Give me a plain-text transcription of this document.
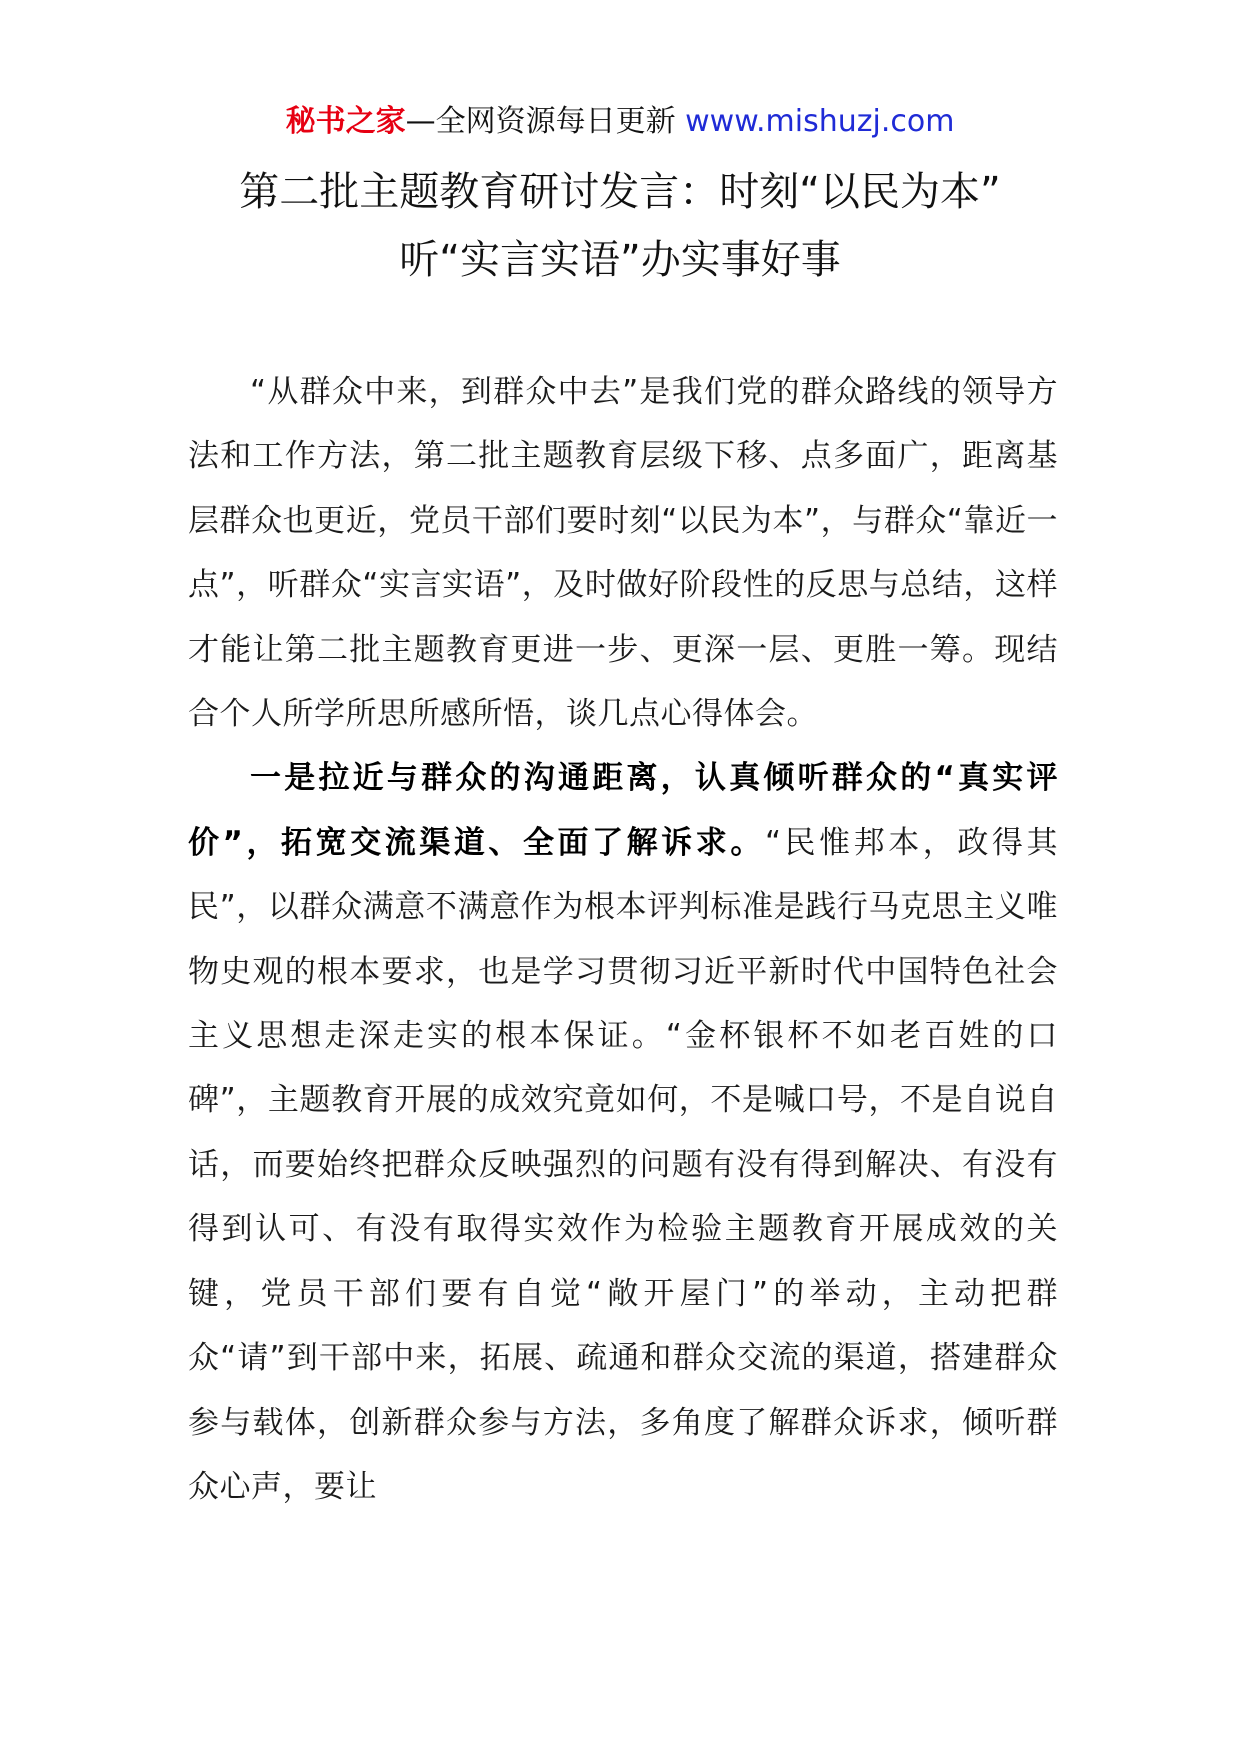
秘书之家—全网资源每日更新 www.mishuzj.com
第二批主题教育研讨发言：时刻“以民为本”
听“实言实语”办实事好事

“从群众中来，到群众中去”是我们党的群众路线的领导方法和工作方法，第二批主题教育层级下移、点多面广，距离基层群众也更近，党员干部们要时刻“以民为本”，与群众“靠近一点”，听群众“实言实语”，及时做好阶段性的反思与总结，这样才能让第二批主题教育更进一步、更深一层、更胜一筹。现结合个人所学所思所感所悟，谈几点心得体会。

一是拉近与群众的沟通距离，认真倾听群众的“真实评价”，拓宽交流渠道、全面了解诉求。“民惟邦本，政得其民”，以群众满意不满意作为根本评判标准是践行马克思主义唯物史观的根本要求，也是学习贯彻习近平新时代中国特色社会主义思想走深走实的根本保证。“金杯银杯不如老百姓的口碑”，主题教育开展的成效究竟如何，不是喊口号，不是自说自话，而要始终把群众反映强烈的问题有没有得到解决、有没有得到认可、有没有取得实效作为检验主题教育开展成效的关键，党员干部们要有自觉“敞开屋门”的举动，主动把群众“请”到干部中来，拓展、疏通和群众交流的渠道，搭建群众参与载体，创新群众参与方法，多角度了解群众诉求，倾听群众心声，要让
